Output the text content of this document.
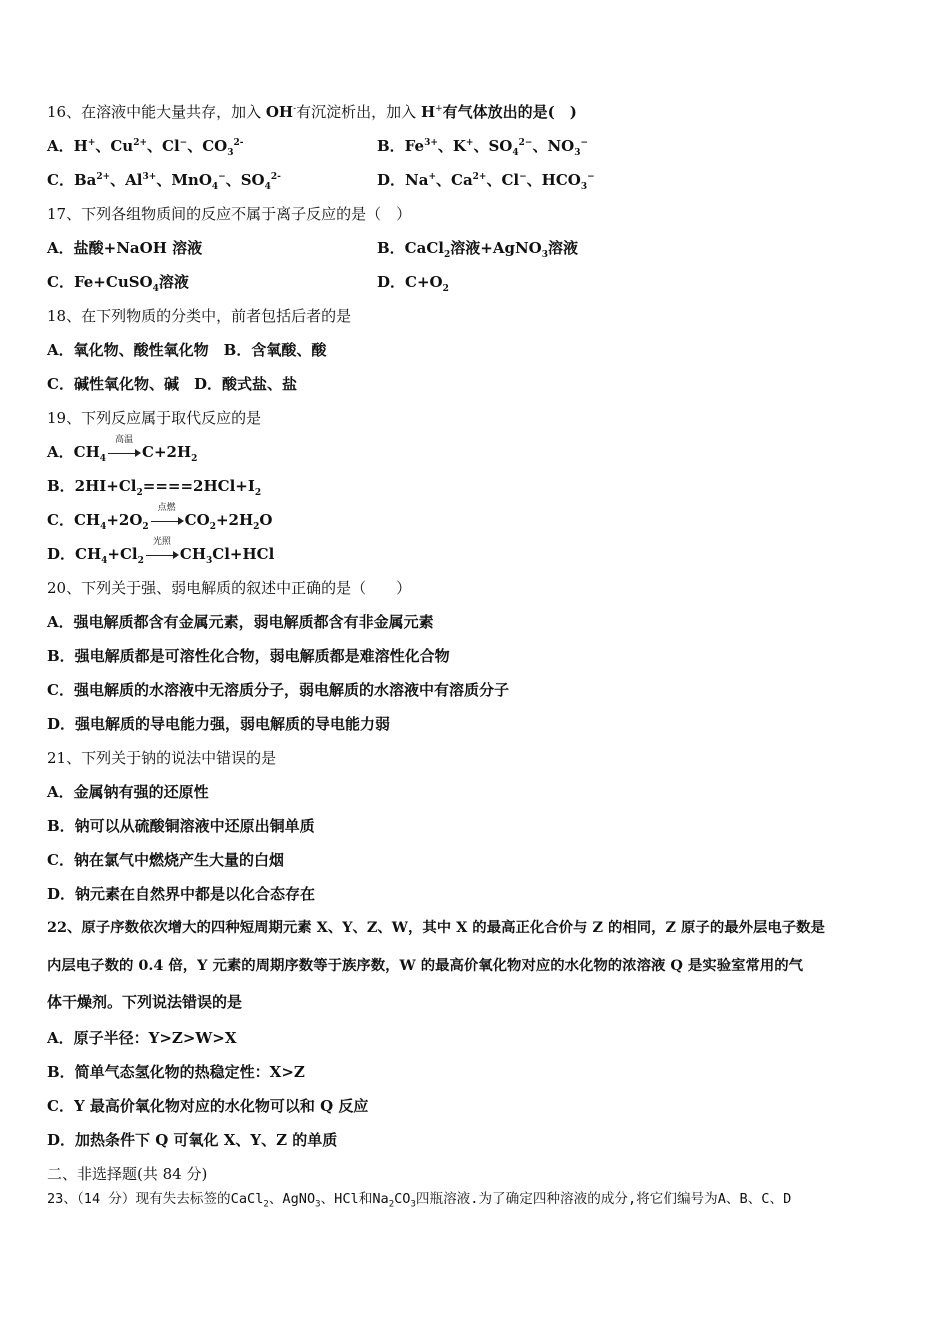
16、在溶液中能大量共存，加入 OH-有沉淀析出，加入 H+有气体放出的是(　)
A．H+、$Cu^{2+}$、Cl−、$CO_3^{2-}$	B．$Fe^{3+}$、K+、$SO_4^{2-}$、$NO_3^-$
C．$Ba^{2+}$、$Al^{3+}$、MnO$_4$−、$SO_4^{2-}$	D．Na+、$Ca^{2+}$、Cl−、$HCO_3^-$
17、下列各组物质间的反应不属于离子反应的是（　）
A．盐酸+NaOH 溶液	B．CaCl$_2$溶液+AgNO$_3$溶液
C．Fe+CuSO$_4$溶液	D．$C+O_2$
18、在下列物质的分类中，前者包括后者的是
A．氧化物、酸性氧化物　B．含氧酸、酸
C．碱性氧化物、碱　D．酸式盐、盐
19、下列反应属于取代反应的是
A．$CH_4$
高温
$C+2H_2$
B．$2HI+Cl_2====2HCl+I_2$
C．$CH_4+2O_2$
点燃
$CO_2+2H_2O$
D．$CH_4+Cl_2$
光照
$CH_3Cl+HCl$
20、下列关于强、弱电解质的叙述中正确的是（　　）
A．强电解质都含有金属元素，弱电解质都含有非金属元素
B．强电解质都是可溶性化合物，弱电解质都是难溶性化合物
C．强电解质的水溶液中无溶质分子，弱电解质的水溶液中有溶质分子
D．强电解质的导电能力强，弱电解质的导电能力弱
21、下列关于钠的说法中错误的是
A．金属钠有强的还原性
B．钠可以从硫酸铜溶液中还原出铜单质
C．钠在氯气中燃烧产生大量的白烟
D．钠元素在自然界中都是以化合态存在
22、原子序数依次增大的四种短周期元素 X、Y、Z、W，其中 X 的最高正化合价与 Z 的相同，Z 原子的最外层电子数是
内层电子数的 0.4 倍，Y 元素的周期序数等于族序数，W 的最高价氧化物对应的水化物的浓溶液 Q 是实验室常用的气
体干燥剂。下列说法错误的是
A．原子半径：Y>Z>W>X
B．简单气态氢化物的热稳定性：X>Z
C．Y 最高价氧化物对应的水化物可以和 Q 反应
D．加热条件下 Q 可氧化 X、Y、Z 的单质
二、非选择题(共 84 分)
23、（14 分）现有失去标签的CaCl$_2$、AgNO$_3$、HCl和$Na_2CO_3$四瓶溶液.为了确定四种溶液的成分,将它们编号为A、B、C、D
